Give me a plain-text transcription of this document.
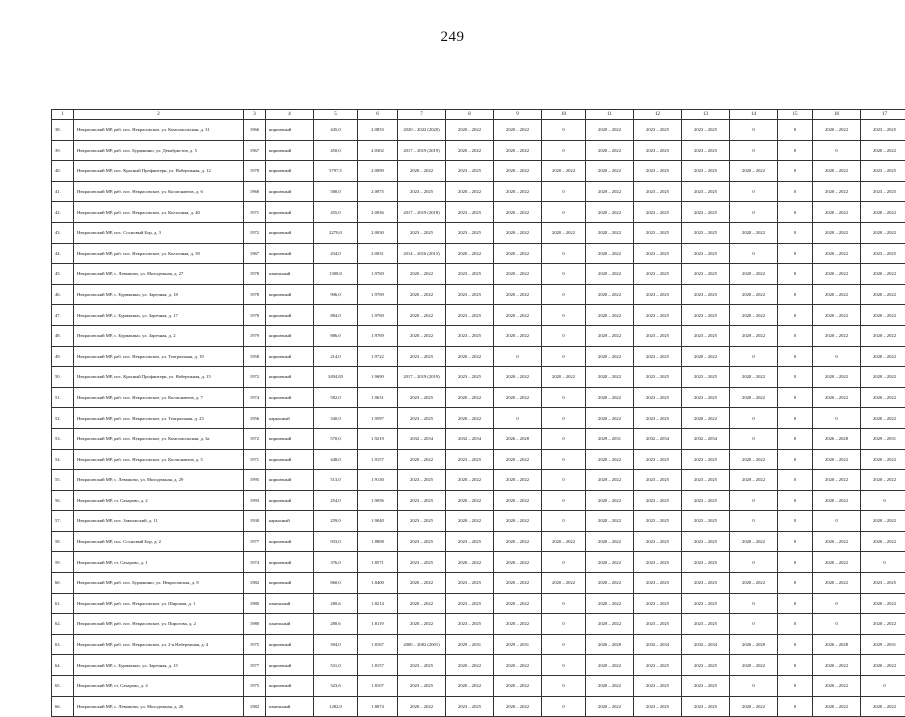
249
1	2	3	4	5	6	7	8	9	10	11	12	13	14	15	16	17
38.	Некрасовский МР, раб. пос. Некрасовское, ул. Комсомольская, д. 31	1966	кирпичный	445,0	2.0833	2020 – 2022 (2020)	2020 – 2022	2020 – 2022	0	2020 – 2022	2023 – 2025	2023 – 2025	0	0	2020 – 2022	2023 – 2025
39.	Некрасовский МР, раб. пос. Бурмакино, ул. Декабристов, д. 5	1967	кирпичный	450,0	2.0302	2017 – 2019 (2019)	2020 – 2022	2020 – 2022	0	2020 – 2022	2023 – 2025	2023 – 2025	0	0	0	2020 – 2022
40.	Некрасовский МР, пос. Красный Профинтерн, ул. Набережная, д. 12	1978	кирпичный	5797,5	2.0090	2020 – 2022	2023 – 2025	2020 – 2022	2020 – 2022	2020 – 2022	2023 – 2025	2023 – 2025	2020 – 2022	0	2020 – 2022	2023 – 2025
41.	Некрасовский МР, раб. пос. Некрасовское, ул. Космонавтов, д. 6	1968	кирпичный	580,0	2.0075	2023 – 2025	2020 – 2022	2020 – 2022	0	2020 – 2022	2023 – 2025	2023 – 2025	0	0	2020 – 2022	2023 – 2025
42.	Некрасовский МР, раб. пос. Некрасовское, ул. Колхозная, д. 40	1971	кирпичный	455,0	2.0036	2017 – 2019 (2018)	2023 – 2025	2020 – 2022	0	2020 – 2022	2023 – 2025	2023 – 2025	0	0	2020 – 2022	2020 – 2022
43.	Некрасовский МР, пос. Сосновый Бор, д. 3	1972	кирпичный	2270,0	2.0030	2023 – 2025	2023 – 2025	2020 – 2022	2020 – 2022	2020 – 2022	2023 – 2025	2023 – 2025	2020 – 2022	0	2020 – 2022	2020 – 2022
44.	Некрасовский МР, раб. пос. Некрасовское, ул. Колхозная, д. 39	1967	кирпичный	434,0	2.0031	2014 – 2016 (2015)	2020 – 2022	2020 – 2022	0	2020 – 2022	2023 – 2025	2023 – 2025	0	0	2020 – 2022	2023 – 2025
45.	Некрасовский МР, с. Левашово, ул. Молодежная, д. 27	1978	панельный	1308,0	1.9769	2020 – 2022	2023 – 2025	2020 – 2022	0	2020 – 2022	2023 – 2025	2023 – 2025	2020 – 2022	0	2020 – 2022	2020 – 2022
46.	Некрасовский МР, с. Бурмакино, ул. Заречная, д. 18	1978	кирпичный	906,0	1.9769	2020 – 2022	2023 – 2025	2020 – 2022	0	2020 – 2022	2023 – 2025	2023 – 2025	2020 – 2022	0	2020 – 2022	2020 – 2022
47.	Некрасовский МР, с. Бурмакино, ул. Заречная, д. 17	1979	кирпичный	884,0	1.9769	2020 – 2022	2023 – 2025	2020 – 2022	0	2020 – 2022	2023 – 2025	2023 – 2025	2020 – 2022	0	2020 – 2022	2020 – 2022
48.	Некрасовский МР, с. Бурмакино, ул. Заречная, д. 2	1979	кирпичный	886,0	1.9769	2020 – 2022	2023 – 2025	2020 – 2022	0	2020 – 2022	2023 – 2025	2023 – 2025	2020 – 2022	0	2020 – 2022	2020 – 2022
49.	Некрасовский МР, раб. пос. Некрасовское, ул. Театральная, д. 19	1958	кирпичный	214,0	1.9722	2023 – 2025	2020 – 2022	0	0	2020 – 2022	2023 – 2025	2020 – 2022	0	0	0	2020 – 2022
50.	Некрасовский МР, пос. Красный Профинтерн, ул. Набережная, д. 15	1972	кирпичный	3494,83	1.9690	2017 – 2019 (2019)	2023 – 2025	2020 – 2022	2020 – 2022	2020 – 2022	2023 – 2025	2023 – 2025	2020 – 2022	0	2020 – 2022	2020 – 2022
51.	Некрасовский МР, раб. пос. Некрасовское, ул. Космонавтов, д. 7	1974	кирпичный	582,0	1.9631	2023 – 2025	2020 – 2022	2020 – 2022	0	2020 – 2022	2023 – 2025	2023 – 2025	2020 – 2022	0	2020 – 2022	2020 – 2022
52.	Некрасовский МР, раб. пос. Некрасовское, ул. Театральная, д. 23	1956	каркасный	340,0	1.9597	2023 – 2025	2020 – 2022	0	0	2020 – 2022	2023 – 2025	2020 – 2022	0	0	0	2020 – 2022
53.	Некрасовский МР, раб. пос. Некрасовское, ул. Комсомольская, д. 3а	1972	кирпичный	570,0	1.9219	2032 – 2034	2032 – 2034	2026 – 2028	0	2029 – 2031	2032 – 2034	2032 – 2034	0	0	2026 – 2028	2029 – 2031
54.	Некрасовский МР, раб. пос. Некрасовское, ул. Космонавтов, д. 5	1971	кирпичный	448,0	1.9157	2020 – 2022	2023 – 2025	2020 – 2022	0	2020 – 2022	2023 – 2025	2023 – 2025	2020 – 2022	0	2020 – 2022	2020 – 2022
55.	Некрасовский МР, с. Левашово, ул. Молодежная, д. 29	1995	кирпичный	513,0	1.9130	2023 – 2025	2020 – 2022	2020 – 2022	0	2020 – 2022	2023 – 2025	2023 – 2025	2020 – 2022	0	2020 – 2022	2020 – 2022
56.	Некрасовский МР, ст. Сахарово, д. 2	1993	кирпичный	254,0	1.9056	2023 – 2025	2020 – 2022	2020 – 2022	0	2020 – 2022	2023 – 2025	2023 – 2025	0	0	2020 – 2022	0
57.	Некрасовский МР, пос. Заволжский, д. 11	1930	каркасный	259,0	1.9040	2023 – 2025	2020 – 2022	2020 – 2022	0	2020 – 2022	2023 – 2025	2023 – 2025	0	0	0	2020 – 2022
58.	Некрасовский МР, пос. Сосновый Бор, д. 2	1977	кирпичный	933,0	1.8808	2023 – 2025	2023 – 2025	2020 – 2022	2020 – 2022	2020 – 2022	2023 – 2025	2023 – 2025	2020 – 2022	0	2020 – 2022	2020 – 2022
59.	Некрасовский МР, ст. Сахарово, д. 1	1974	кирпичный	376,0	1.8571	2023 – 2025	2020 – 2022	2020 – 2022	0	2020 – 2022	2023 – 2025	2023 – 2025	0	0	2020 – 2022	0
60.	Некрасовский МР, раб. пос. Бурмакино, ул. Некрасовская, д. 8	1982	кирпичный	860,0	1.8400	2020 – 2022	2023 – 2025	2020 – 2022	2020 – 2022	2020 – 2022	2023 – 2025	2023 – 2025	2020 – 2022	0	2020 – 2022	2023 – 2025
61.	Некрасовский МР, раб. пос. Некрасовское, ул. Широкая, д. 1	1980	панельный	280,6	1.8214	2020 – 2022	2023 – 2025	2020 – 2022	0	2020 – 2022	2023 – 2025	2023 – 2025	0	0	0	2020 – 2022
62.	Некрасовский МР, раб. пос. Некрасовское, ул. Пирогова, д. 2	1980	панельный	280,6	1.8119	2020 – 2022	2023 – 2025	2020 – 2022	0	2020 – 2022	2023 – 2025	2023 – 2025	0	0	0	2020 – 2022
63.	Некрасовский МР, раб. пос. Некрасовское, ул. 2-я Набережная, д. 4	1975	кирпичный	394,0	1.8167	2000 – 2002 (2001)	2029 – 2031	2029 – 2031	0	2026 – 2028	2032 – 2034	2032 – 2034	2026 – 2028	0	2026 – 2028	2029 – 2031
64.	Некрасовский МР, с. Бурмакино, ул. Заречная, д. 15	1977	кирпичный	531,0	1.8157	2023 – 2025	2020 – 2022	2020 – 2022	0	2020 – 2022	2023 – 2025	2023 – 2025	2020 – 2022	0	2020 – 2022	2020 – 2022
65.	Некрасовский МР, ст. Сахарово, д. 4	1975	кирпичный	323,6	1.8107	2023 – 2025	2020 – 2022	2020 – 2022	0	2020 – 2022	2023 – 2025	2023 – 2025	0	0	2020 – 2022	0
66.	Некрасовский МР, с. Левашово, ул. Молодежная, д. 26	1982	панельный	1282,0	1.8074	2020 – 2022	2023 – 2025	2020 – 2022	0	2020 – 2022	2023 – 2025	2023 – 2025	2020 – 2022	0	2020 – 2022	2020 – 2022
